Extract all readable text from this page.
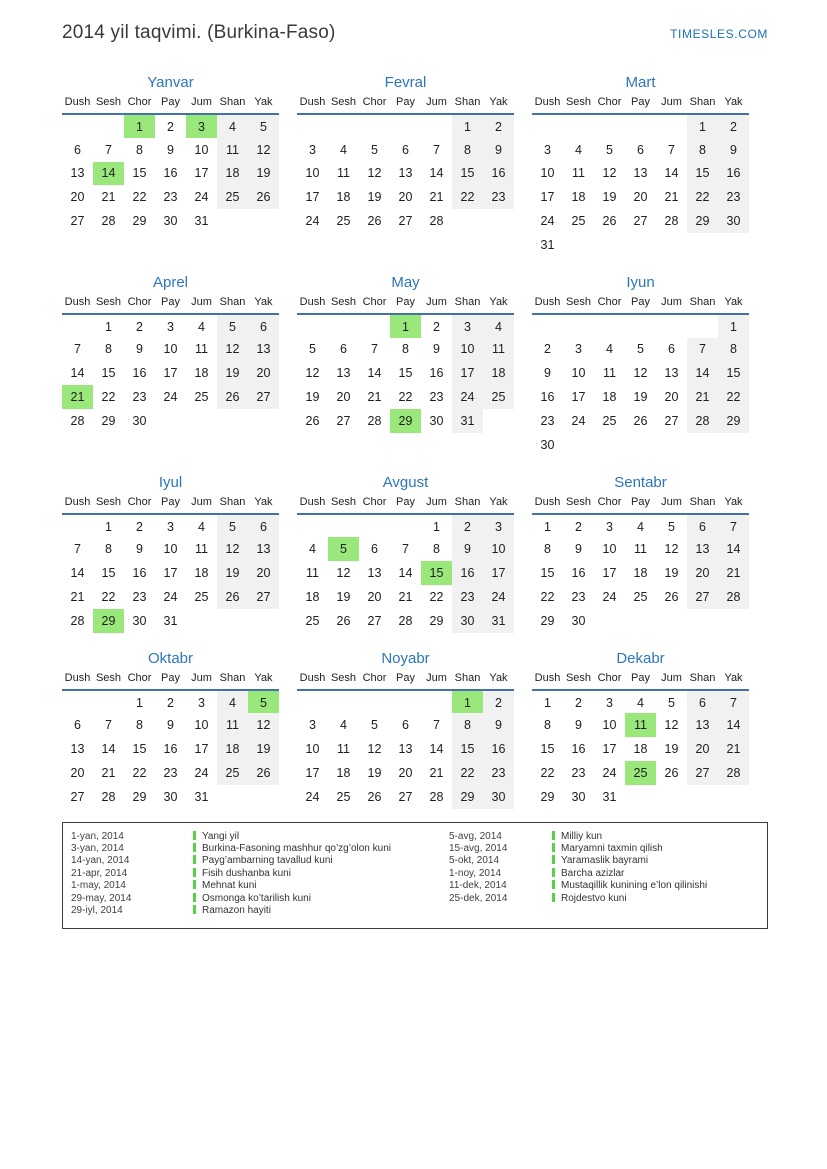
2014 yil taqvimi. (Burkina-Faso)	TIMESLES.COM
Yanvar
Dush	Sesh	Chor	Pay	Jum	Shan	Yak
		1	2	3	4	5
6	7	8	9	10	11	12
13	14	15	16	17	18	19
20	21	22	23	24	25	26
27	28	29	30	31		
Fevral
Dush	Sesh	Chor	Pay	Jum	Shan	Yak
					1	2
3	4	5	6	7	8	9
10	11	12	13	14	15	16
17	18	19	20	21	22	23
24	25	26	27	28		
Mart
Dush	Sesh	Chor	Pay	Jum	Shan	Yak
					1	2
3	4	5	6	7	8	9
10	11	12	13	14	15	16
17	18	19	20	21	22	23
24	25	26	27	28	29	30
31						
Aprel
Dush	Sesh	Chor	Pay	Jum	Shan	Yak
	1	2	3	4	5	6
7	8	9	10	11	12	13
14	15	16	17	18	19	20
21	22	23	24	25	26	27
28	29	30				
May
Dush	Sesh	Chor	Pay	Jum	Shan	Yak
			1	2	3	4
5	6	7	8	9	10	11
12	13	14	15	16	17	18
19	20	21	22	23	24	25
26	27	28	29	30	31	
Iyun
Dush	Sesh	Chor	Pay	Jum	Shan	Yak
						1
2	3	4	5	6	7	8
9	10	11	12	13	14	15
16	17	18	19	20	21	22
23	24	25	26	27	28	29
30						
Iyul
Dush	Sesh	Chor	Pay	Jum	Shan	Yak
	1	2	3	4	5	6
7	8	9	10	11	12	13
14	15	16	17	18	19	20
21	22	23	24	25	26	27
28	29	30	31			
Avgust
Dush	Sesh	Chor	Pay	Jum	Shan	Yak
				1	2	3
4	5	6	7	8	9	10
11	12	13	14	15	16	17
18	19	20	21	22	23	24
25	26	27	28	29	30	31
Sentabr
Dush	Sesh	Chor	Pay	Jum	Shan	Yak
1	2	3	4	5	6	7
8	9	10	11	12	13	14
15	16	17	18	19	20	21
22	23	24	25	26	27	28
29	30					
Oktabr
Dush	Sesh	Chor	Pay	Jum	Shan	Yak
		1	2	3	4	5
6	7	8	9	10	11	12
13	14	15	16	17	18	19
20	21	22	23	24	25	26
27	28	29	30	31		
Noyabr
Dush	Sesh	Chor	Pay	Jum	Shan	Yak
					1	2
3	4	5	6	7	8	9
10	11	12	13	14	15	16
17	18	19	20	21	22	23
24	25	26	27	28	29	30
Dekabr
Dush	Sesh	Chor	Pay	Jum	Shan	Yak
1	2	3	4	5	6	7
8	9	10	11	12	13	14
15	16	17	18	19	20	21
22	23	24	25	26	27	28
29	30	31				
1-yan, 2014	Yangi yil	5-avg, 2014	Milliy kun
3-yan, 2014	Burkina-Fasoning mashhur qo’zg’olon kuni	15-avg, 2014	Maryamni taxmin qilish
14-yan, 2014	Payg’ambarning tavallud kuni	5-okt, 2014	Yaramaslik bayrami
21-apr, 2014	Fisih dushanba kuni	1-noy, 2014	Barcha azizlar
1-may, 2014	Mehnat kuni	11-dek, 2014	Mustaqillik kunining e’lon qilinishi
29-may, 2014	Osmonga ko’tarilish kuni	25-dek, 2014	Rojdestvo kuni
29-iyl, 2014	Ramazon hayiti
